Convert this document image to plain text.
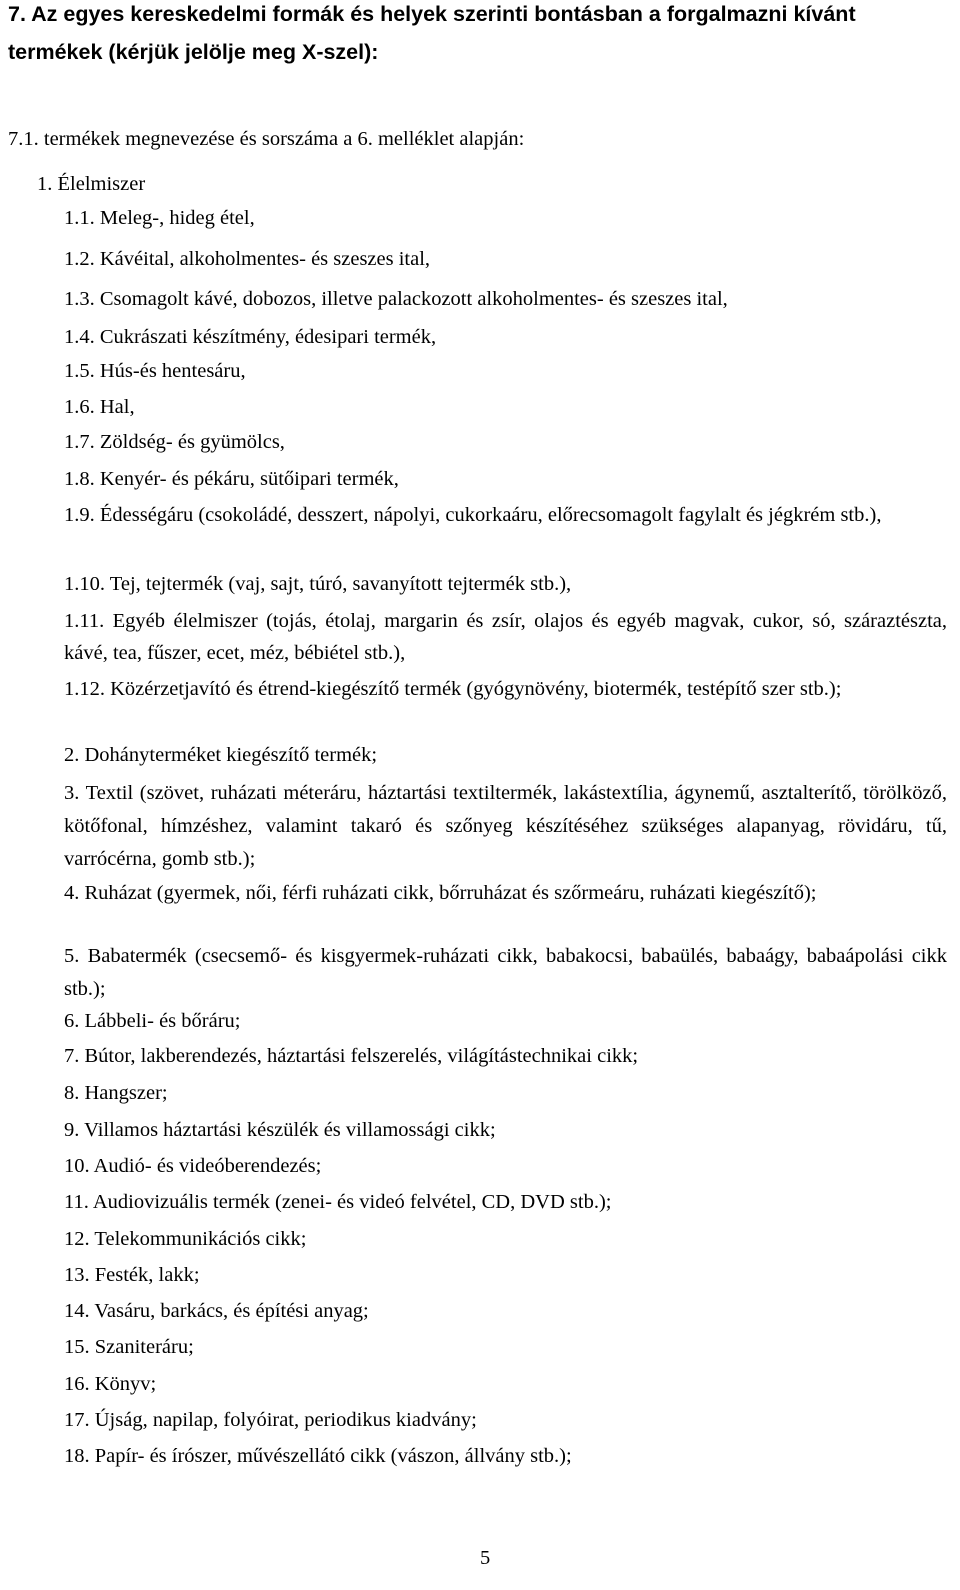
7. Az egyes kereskedelmi formák és helyek szerinti bontásban a forgalmazni kívánt termékek (kérjük jelölje meg X-szel):
7.1. termékek megnevezése és sorszáma a 6. melléklet alapján:
1. Élelmiszer
1.1. Meleg-, hideg étel,
1.2. Kávéital, alkoholmentes- és szeszes ital,
1.3. Csomagolt kávé, dobozos, illetve palackozott alkoholmentes- és szeszes ital,
1.4. Cukrászati készítmény, édesipari termék,
1.5. Hús-és hentesáru,
1.6. Hal,
1.7. Zöldség- és gyümölcs,
1.8. Kenyér- és pékáru, sütőipari termék,
1.9. Édességáru (csokoládé, desszert, nápolyi, cukorkaáru, előrecsomagolt fagylalt és jégkrém stb.),
1.10. Tej, tejtermék (vaj, sajt, túró, savanyított tejtermék stb.),
1.11. Egyéb élelmiszer (tojás, étolaj, margarin és zsír, olajos és egyéb magvak, cukor, só, száraztészta, kávé, tea, fűszer, ecet, méz, bébiétel stb.),
1.12. Közérzetjavító és étrend-kiegészítő termék (gyógynövény, biotermék, testépítő szer stb.);
2. Dohányterméket kiegészítő termék;
3. Textil (szövet, ruházati méteráru, háztartási textiltermék, lakástextília, ágynemű, asztalterítő, törölköző, kötőfonal, hímzéshez, valamint takaró és szőnyeg készítéséhez szükséges alapanyag, rövidáru, tű, varrócérna, gomb stb.);
4. Ruházat (gyermek, női, férfi ruházati cikk, bőrruházat és szőrmeáru, ruházati kiegészítő);
5. Babatermék (csecsemő- és kisgyermek-ruházati cikk, babakocsi, babaülés, babaágy, babaápolási cikk stb.);
6. Lábbeli- és bőráru;
7. Bútor, lakberendezés, háztartási felszerelés, világítástechnikai cikk;
8. Hangszer;
9. Villamos háztartási készülék és villamossági cikk;
10. Audió- és videóberendezés;
11. Audiovizuális termék (zenei- és videó felvétel, CD, DVD stb.);
12. Telekommunikációs cikk;
13. Festék, lakk;
14. Vasáru, barkács, és építési anyag;
15. Szaniteráru;
16. Könyv;
17. Újság, napilap, folyóirat, periodikus kiadvány;
18. Papír- és írószer, művészellátó cikk (vászon, állvány stb.);
5
